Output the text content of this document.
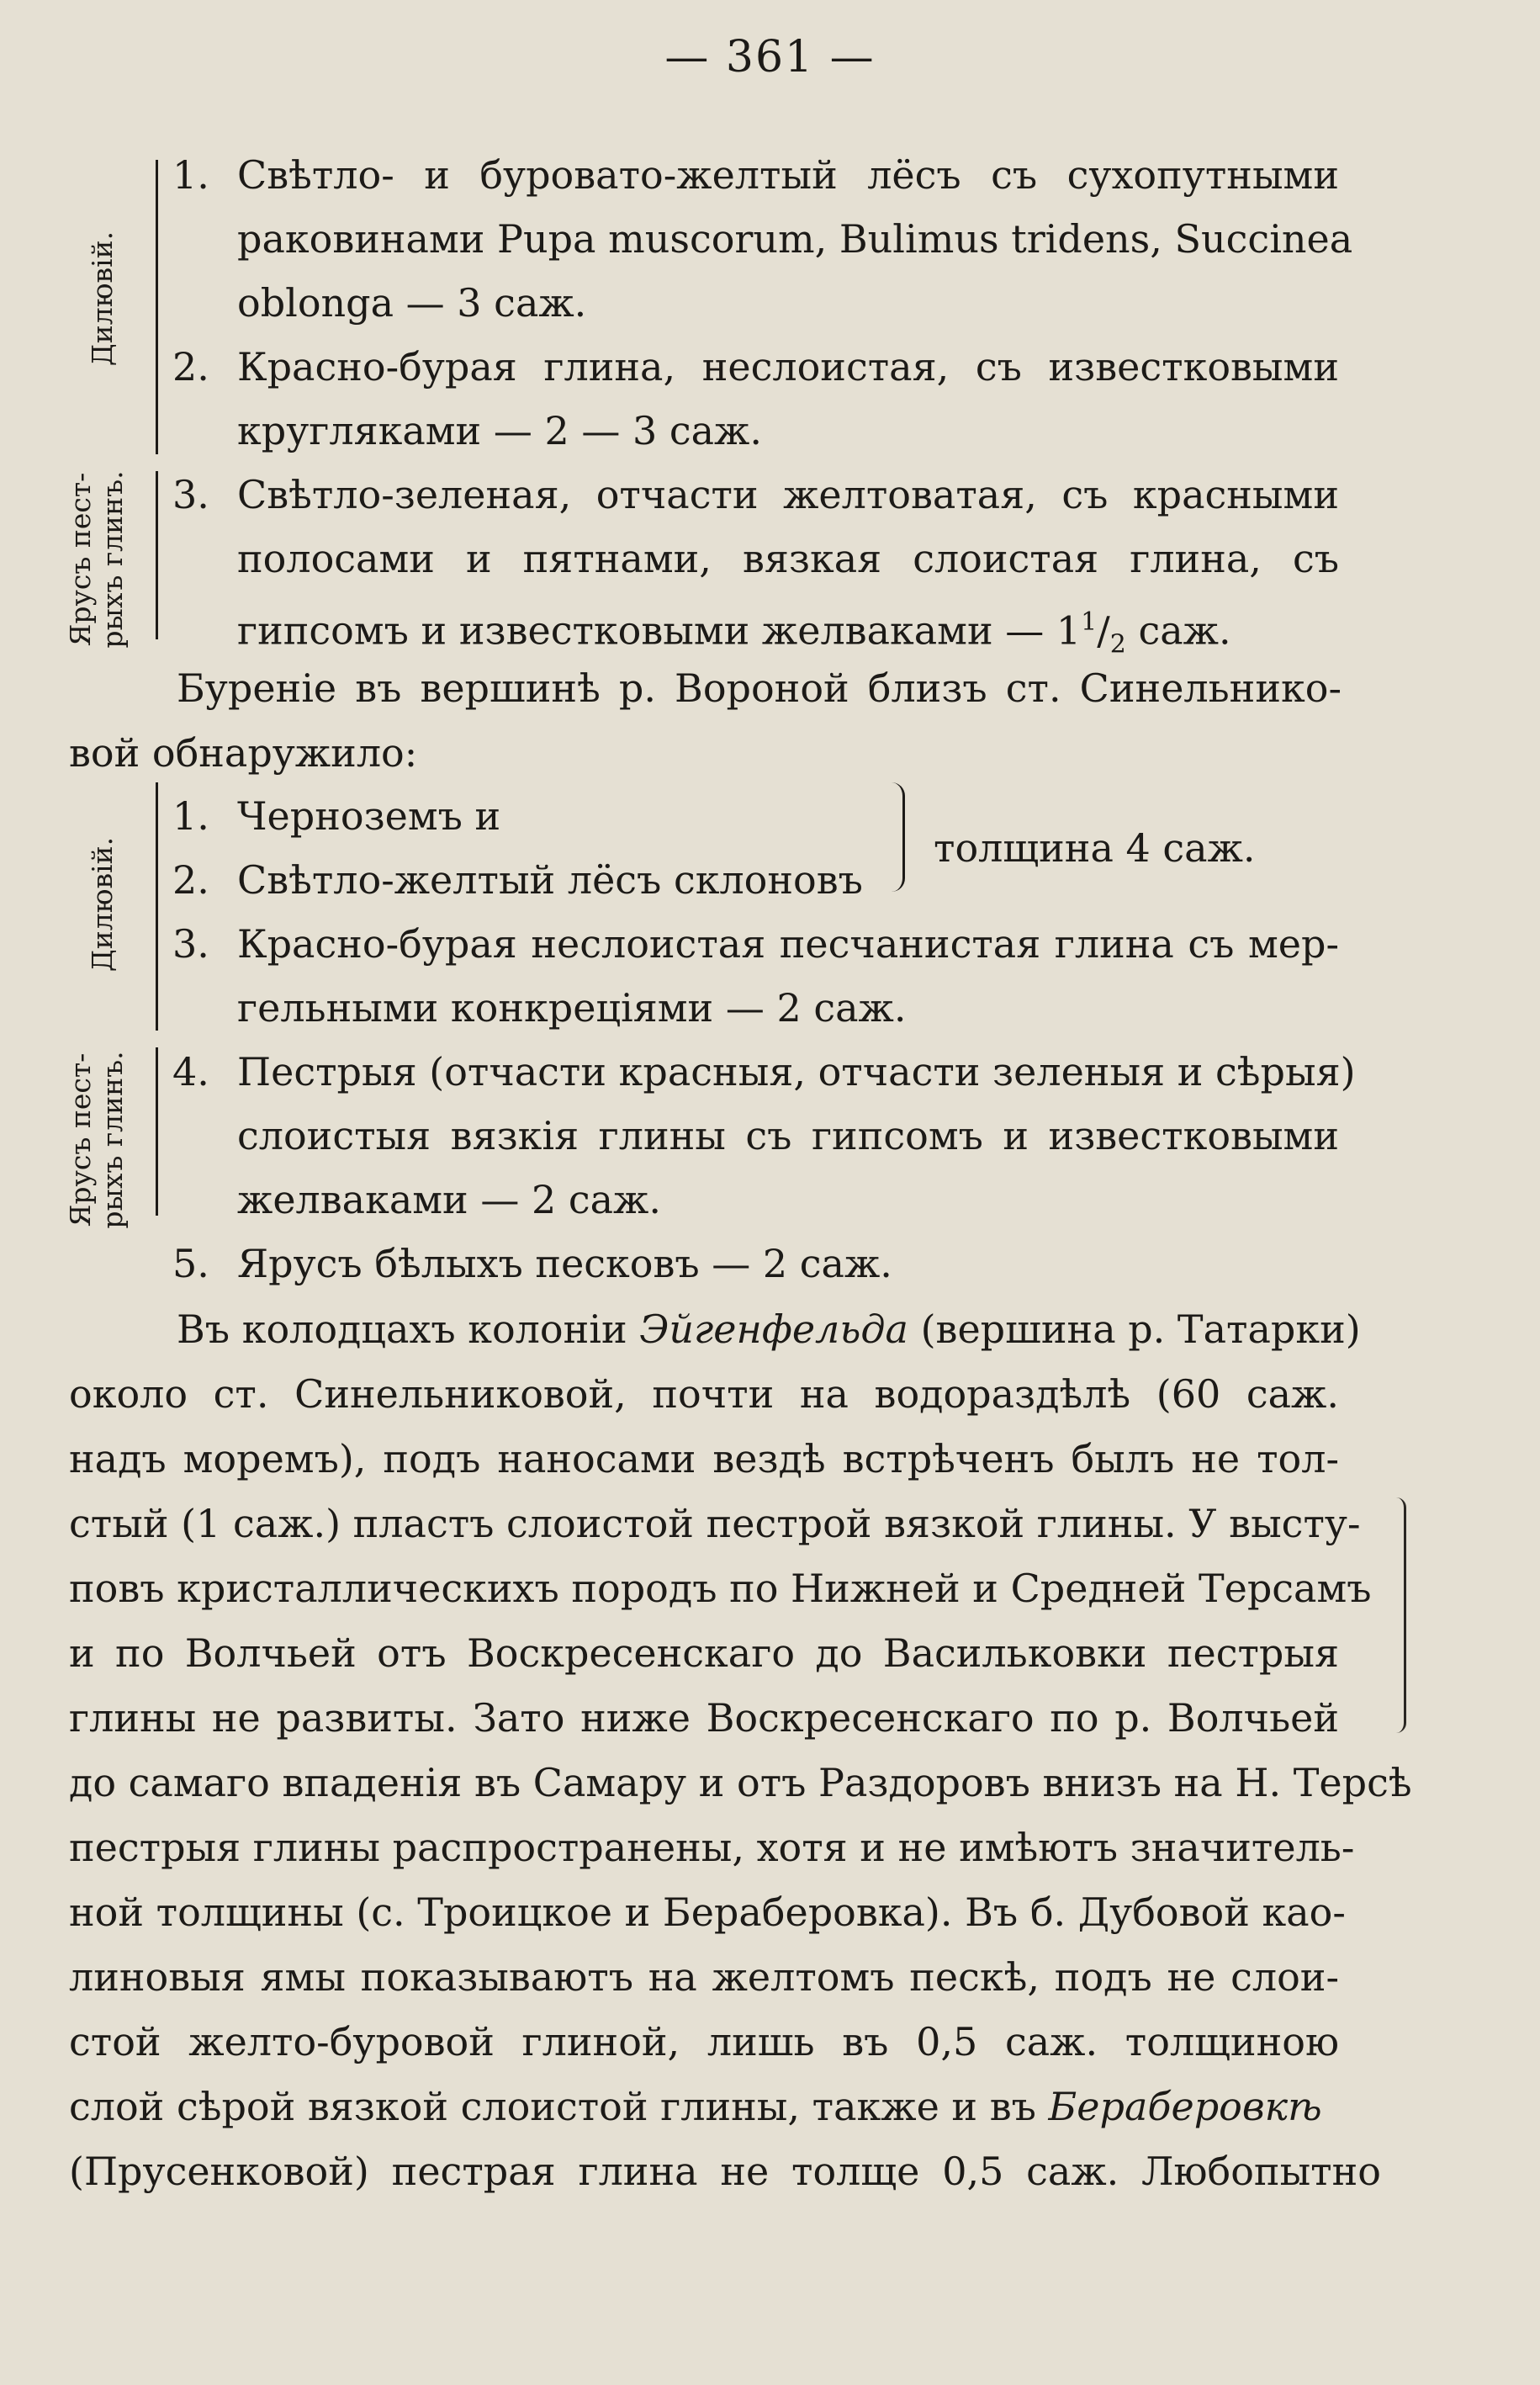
— 361 —
Дилювій.
Ярусъ пест- рыхъ глинъ.
Дилювій.
Ярусъ пест- рыхъ глинъ.
1. Свѣтло- и буровато-желтый лёсъ съ сухопутными
раковинами Pupa muscorum, Bulimus tridens, Succinea
oblonga — 3 саж.
2. Красно-бурая глина, неслоистая, съ известковыми
кругляками — 2 — 3 саж.
3. Свѣтло-зеленая, отчасти желтоватая, съ красными
полосами и пятнами, вязкая слоистая глина, съ
гипсомъ и известковыми желваками — $1^1/_2$ саж.
Буреніе въ вершинѣ р. Вороной близъ ст. Синельнико-
вой обнаружило:
1. Черноземъ и
толщина 4 саж.
2. Свѣтло-желтый лёсъ склоновъ
3. Красно-бурая неслоистая песчанистая глина съ мер-
гельными конкреціями — 2 саж.
4. Пестрыя (отчасти красныя, отчасти зеленыя и сѣрыя)
слоистыя вязкія глины съ гипсомъ и известковыми
желваками — 2 саж.
5. Ярусъ бѣлыхъ песковъ — 2 саж.
Въ колодцахъ колоніи Эйгенфельда (вершина р. Татарки)
около ст. Синельниковой, почти на водораздѣлѣ (60 саж.
надъ моремъ), подъ наносами вездѣ встрѣченъ былъ не тол-
стый (1 саж.) пластъ слоистой пестрой вязкой глины. У высту-
повъ кристаллическихъ породъ по Нижней и Средней Терсамъ
и по Волчьей отъ Воскресенскаго до Васильковки пестрыя
глины не развиты. Зато ниже Воскресенскаго по р. Волчьей
до самаго впаденія въ Самару и отъ Раздоровъ внизъ на Н. Терсѣ
пестрыя глины распространены, хотя и не имѣютъ значитель-
ной толщины (с. Троицкое и Бераберовка). Въ б. Дубовой као-
линовыя ямы показываютъ на желтомъ пескѣ, подъ не слои-
стой желто-буровой глиной, лишь въ 0,5 саж. толщиною
слой сѣрой вязкой слоистой глины, также и въ Бераберовкѣ
(Прусенковой) пестрая глина не толще 0,5 саж. Любопытно
